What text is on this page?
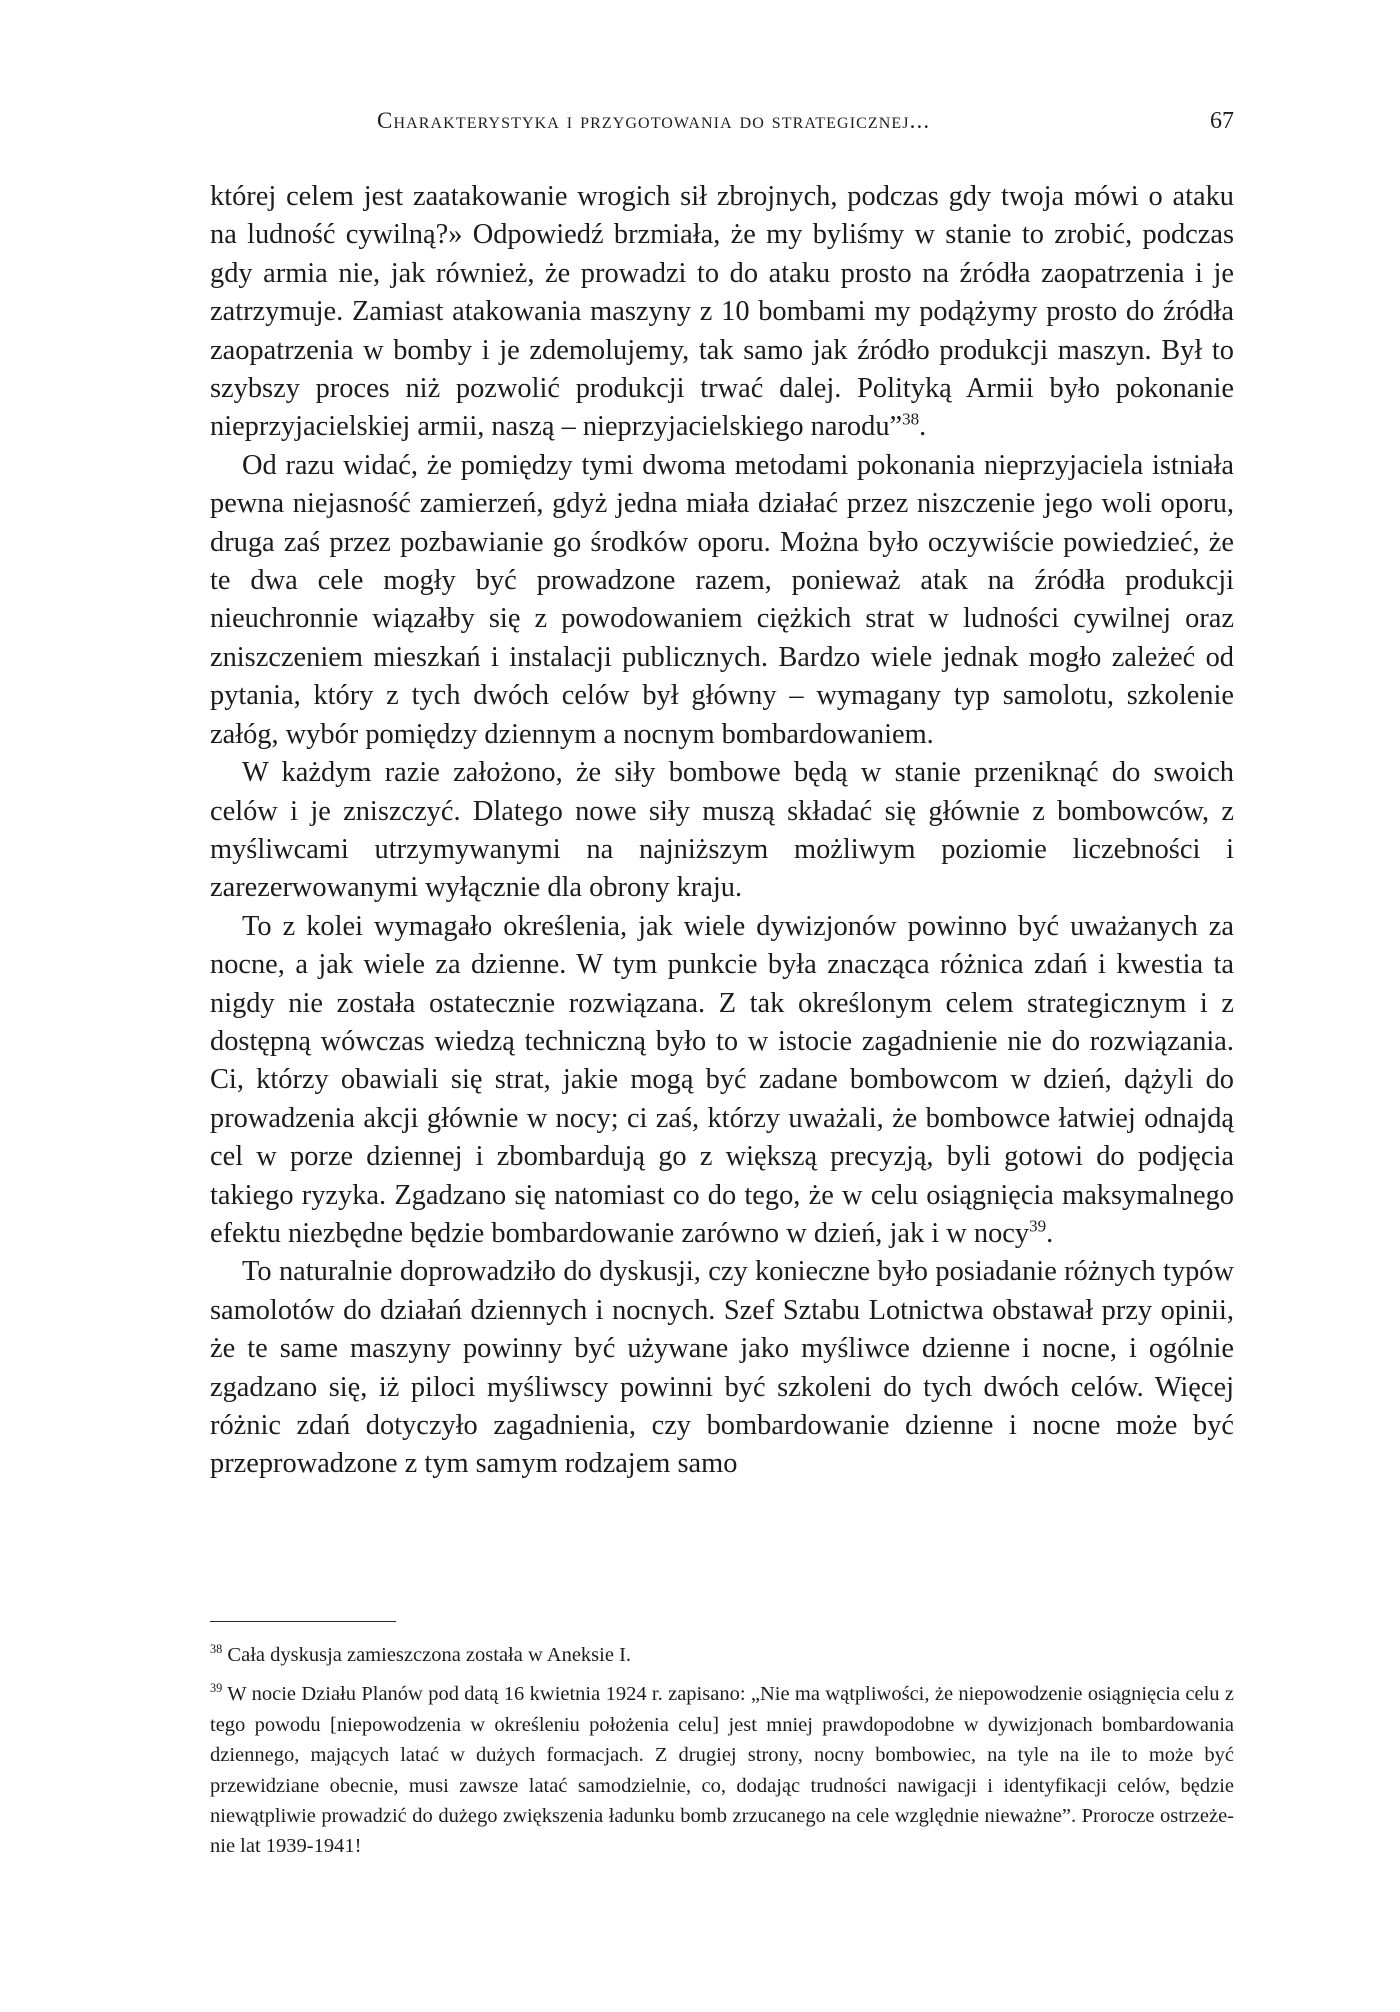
Charakterystyka i przygotowania do strategicznej...	67

której celem jest zaatakowanie wrogich sił zbrojnych, podczas gdy twoja mówi o ataku na ludność cywilną?» Odpowiedź brzmiała, że my byliśmy w stanie to zrobić, podczas gdy armia nie, jak również, że prowadzi to do ataku prosto na źródła zaopatrzenia i je zatrzymuje. Zamiast atakowania maszyny z 10 bombami my podążymy prosto do źródła zaopatrzenia w bomby i je zdemolujemy, tak samo jak źródło produkcji maszyn. Był to szybszy proces niż pozwolić produkcji trwać dalej. Polityką Armii było pokonanie nieprzyjacielskiej armii, naszą – nieprzyjacielskiego narodu”$^{38}$.

Od razu widać, że pomiędzy tymi dwoma metodami pokonania nieprzyjaciela istniała pewna niejasność zamierzeń, gdyż jedna miała działać przez niszczenie jego woli oporu, druga zaś przez pozbawianie go środków oporu. Można było oczywiście powiedzieć, że te dwa cele mogły być prowadzone razem, ponieważ atak na źródła produkcji nieuchronnie wiązałby się z powodowaniem ciężkich strat w ludności cywilnej oraz zniszczeniem mieszkań i instalacji publicznych. Bardzo wiele jednak mogło zależeć od pytania, który z tych dwóch celów był główny – wymagany typ samolotu, szkolenie załóg, wybór pomiędzy dziennym a nocnym bombardowaniem.

W każdym razie założono, że siły bombowe będą w stanie przeniknąć do swoich celów i je zniszczyć. Dlatego nowe siły muszą składać się głównie z bombowców, z myśliwcami utrzymywanymi na najniższym możliwym poziomie liczebności i zarezerwowanymi wyłącznie dla obrony kraju.

To z kolei wymagało określenia, jak wiele dywizjonów powinno być uważanych za nocne, a jak wiele za dzienne. W tym punkcie była znacząca różnica zdań i kwestia ta nigdy nie została ostatecznie rozwiązana. Z tak określonym celem strategicznym i z dostępną wówczas wiedzą techniczną było to w istocie zagadnienie nie do rozwiązania. Ci, którzy obawiali się strat, jakie mogą być zadane bombowcom w dzień, dążyli do prowadzenia akcji głównie w nocy; ci zaś, którzy uważali, że bombowce łatwiej odnajdą cel w porze dziennej i zbombardują go z większą precyzją, byli gotowi do podjęcia takiego ryzyka. Zgadzano się natomiast co do tego, że w celu osiągnięcia maksymalnego efektu niezbędne będzie bombardowanie zarówno w dzień, jak i w nocy$^{39}$.

To naturalnie doprowadziło do dyskusji, czy konieczne było posiadanie różnych typów samolotów do działań dziennych i nocnych. Szef Sztabu Lotnictwa obstawał przy opinii, że te same maszyny powinny być używane jako myśliwce dzienne i nocne, i ogólnie zgadzano się, iż piloci myśliwscy powinni być szkoleni do tych dwóch celów. Więcej różnic zdań dotyczyło zagadnienia, czy bombardowanie dzienne i nocne może być przeprowadzone z tym samym rodzajem samo

$^{38}$ Cała dyskusja zamieszczona została w Aneksie I.

$^{39}$ W nocie Działu Planów pod datą 16 kwietnia 1924 r. zapisano: „Nie ma wątpliwości, że niepowodzenie osiągnięcia celu z tego powodu [niepowodzenia w określeniu położenia celu] jest mniej prawdopodobne w dywizjonach bombardowania dziennego, mających latać w dużych formacjach. Z drugiej strony, nocny bombowiec, na tyle na ile to może być przewidziane obecnie, musi zawsze latać samodzielnie, co, dodając trudności nawigacji i identyfikacji celów, będzie niewątpliwie prowadzić do dużego zwiększenia ładunku bomb zrzucanego na cele względnie nieważne”. Prorocze ostrzeżenie lat 1939-1941!
